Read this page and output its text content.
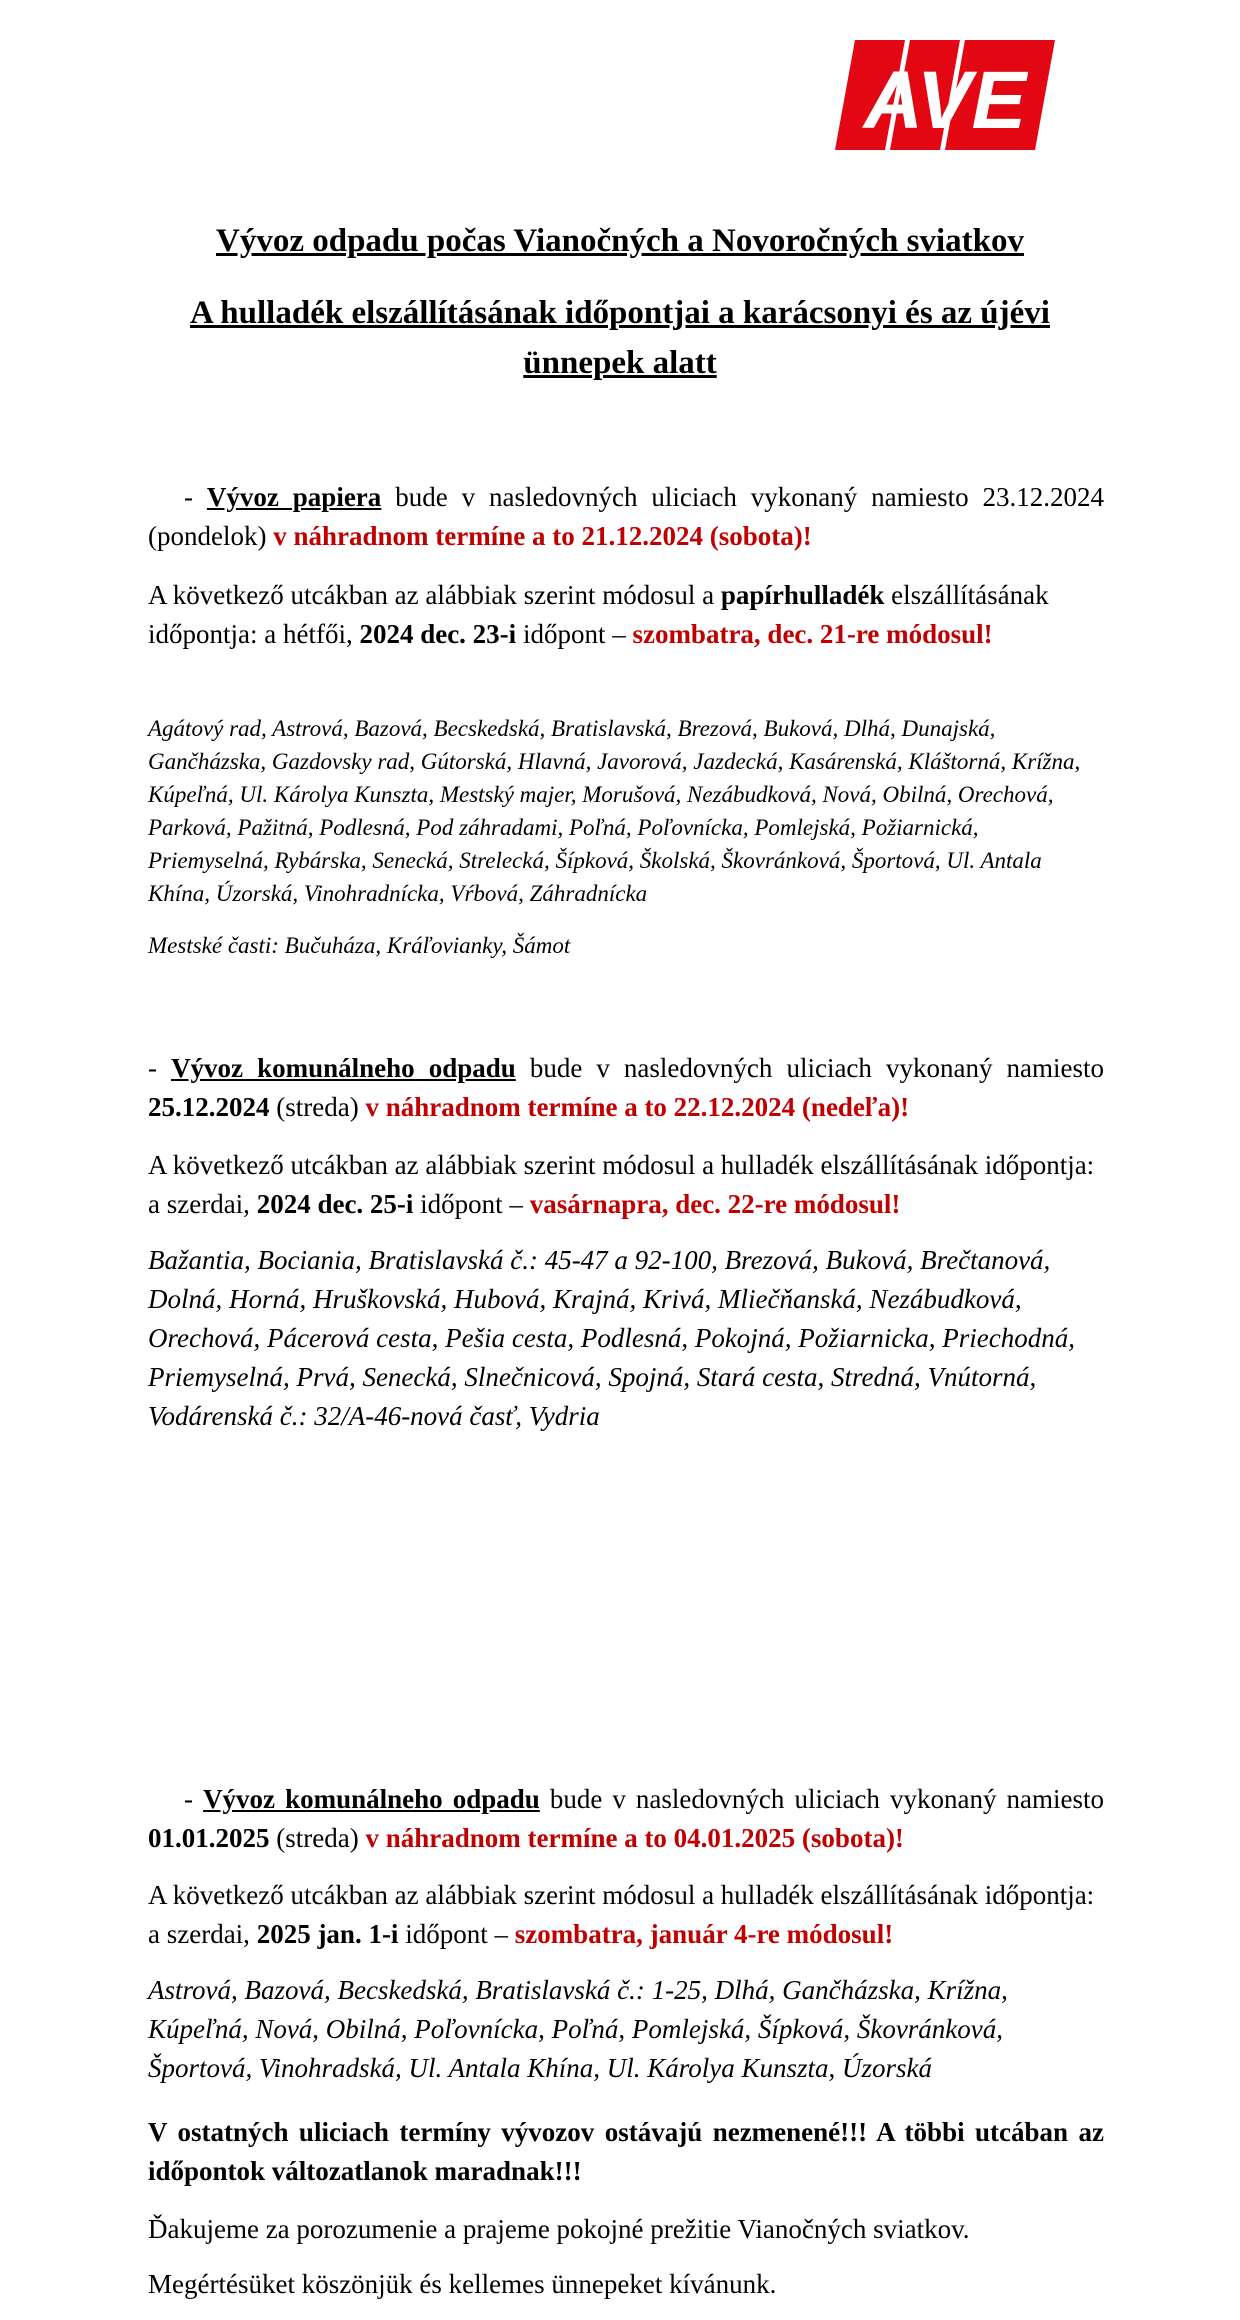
AVE
Vývoz odpadu počas Vianočných a Novoročných sviatkov
A hulladék elszállításának időpontjai a karácsonyi és az újévi ünnepek alatt
- Vývoz papiera bude v nasledovných uliciach vykonaný namiesto 23.12.2024 (pondelok) v náhradnom termíne a to 21.12.2024 (sobota)!
A következő utcákban az alábbiak szerint módosul a papírhulladék elszállításának időpontja: a hétfői, 2024 dec. 23-i időpont – szombatra, dec. 21-re módosul!
Agátový rad, Astrová, Bazová, Becskedská, Bratislavská, Brezová, Buková, Dlhá, Dunajská, Gančházska, Gazdovsky rad, Gútorská, Hlavná, Javorová, Jazdecká, Kasárenská, Kláštorná, Krížna, Kúpeľná, Ul. Károlya Kunszta, Mestský majer, Morušová, Nezábudková, Nová, Obilná, Orechová, Parková, Pažitná, Podlesná, Pod záhradami, Poľná, Poľovnícka, Pomlejská, Požiarnická, Priemyselná, Rybárska, Senecká, Strelecká, Šípková, Školská, Škovránková, Športová, Ul. Antala Khína, Úzorská, Vinohradnícka, Vŕbová, Záhradnícka
Mestské časti: Bučuháza, Kráľovianky, Šámot
- Vývoz komunálneho odpadu bude v nasledovných uliciach vykonaný namiesto 25.12.2024 (streda) v náhradnom termíne a to 22.12.2024 (nedeľa)!
A következő utcákban az alábbiak szerint módosul a hulladék elszállításának időpontja: a szerdai, 2024 dec. 25-i időpont – vasárnapra, dec. 22-re módosul!
Bažantia, Bociania, Bratislavská č.: 45-47 a 92-100, Brezová, Buková, Brečtanová, Dolná, Horná, Hruškovská, Hubová, Krajná, Krivá, Mliečňanská, Nezábudková, Orechová, Pácerová cesta, Pešia cesta, Podlesná, Pokojná, Požiarnicka, Priechodná, Priemyselná, Prvá, Senecká, Slnečnicová, Spojná, Stará cesta, Stredná, Vnútorná, Vodárenská č.: 32/A-46-nová časť, Vydria
- Vývoz komunálneho odpadu bude v nasledovných uliciach vykonaný namiesto 01.01.2025 (streda) v náhradnom termíne a to 04.01.2025 (sobota)!
A következő utcákban az alábbiak szerint módosul a hulladék elszállításának időpontja: a szerdai, 2025 jan. 1-i időpont – szombatra, január 4-re módosul!
Astrová, Bazová, Becskedská, Bratislavská č.: 1-25, Dlhá, Gančházska, Krížna, Kúpeľná, Nová, Obilná, Poľovnícka, Poľná, Pomlejská, Šípková, Škovránková, Športová, Vinohradská, Ul. Antala Khína, Ul. Károlya Kunszta, Úzorská
V ostatných uliciach termíny vývozov ostávajú nezmenené!!! A többi utcában az időpontok változatlanok maradnak!!!
Ďakujeme za porozumenie a prajeme pokojné prežitie Vianočných sviatkov.
Megértésüket köszönjük és kellemes ünnepeket kívánunk.
